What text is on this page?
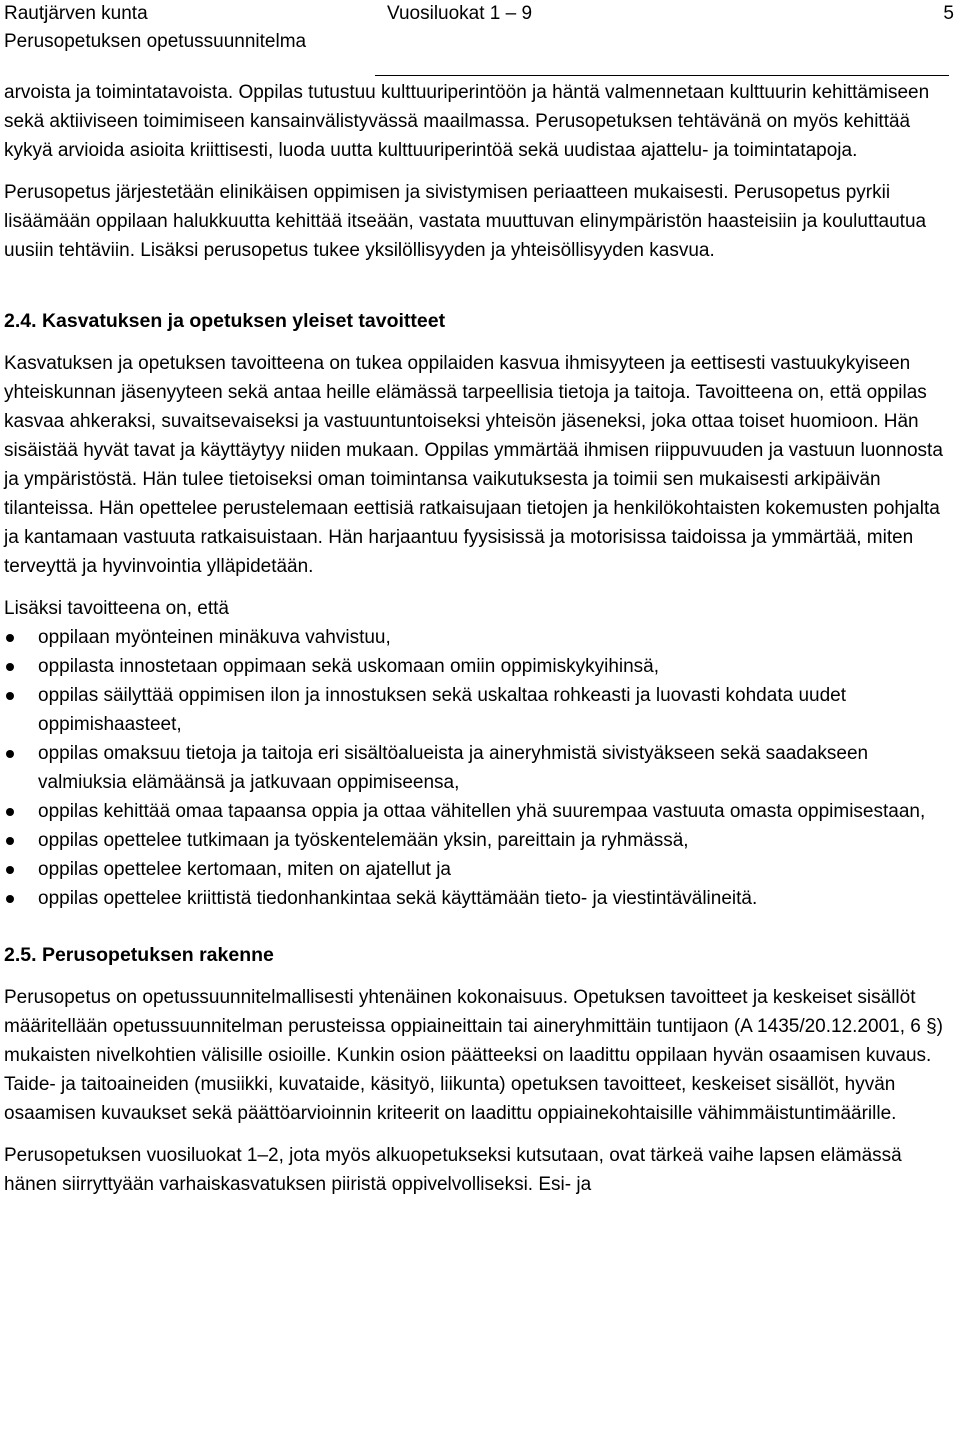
Rautjärven kunta
Perusopetuksen opetussuunnitelma
Vuosiluokat 1 – 9	5

arvoista ja toimintatavoista. Oppilas tutustuu kulttuuriperintöön ja häntä valmennetaan kulttuurin kehittämiseen sekä aktiiviseen toimimiseen kansainvälistyvässä maailmassa. Perusopetuksen tehtävänä on myös kehittää kykyä arvioida asioita kriittisesti, luoda uutta kulttuuriperintöä sekä uudistaa ajattelu- ja toimintatapoja.

Perusopetus järjestetään elinikäisen oppimisen ja sivistymisen periaatteen mukaisesti. Perusopetus pyrkii lisäämään oppilaan halukkuutta kehittää itseään, vastata muuttuvan elinympäristön haasteisiin ja kouluttautua uusiin tehtäviin. Lisäksi perusopetus tukee yksilöllisyyden ja yhteisöllisyyden kasvua.

2.4. Kasvatuksen ja opetuksen yleiset tavoitteet

Kasvatuksen ja opetuksen tavoitteena on tukea oppilaiden kasvua ihmisyyteen ja eettisesti vastuukykyiseen yhteiskunnan jäsenyyteen sekä antaa heille elämässä tarpeellisia tietoja ja taitoja. Tavoitteena on, että oppilas kasvaa ahkeraksi, suvaitsevaiseksi ja vastuuntuntoiseksi yhteisön jäseneksi, joka ottaa toiset huomioon. Hän sisäistää hyvät tavat ja käyttäytyy niiden mukaan. Oppilas ymmärtää ihmisen riippuvuuden ja vastuun luonnosta ja ympäristöstä. Hän tulee tietoiseksi oman toimintansa vaikutuksesta ja toimii sen mukaisesti arkipäivän tilanteissa. Hän opettelee perustelemaan eettisiä ratkaisujaan tietojen ja henkilökohtaisten kokemusten pohjalta ja kantamaan vastuuta ratkaisuistaan. Hän harjaantuu fyysisissä ja motorisissa taidoissa ja ymmärtää, miten terveyttä ja hyvinvointia ylläpidetään.

Lisäksi tavoitteena on, että

oppilaan myönteinen minäkuva vahvistuu,
oppilasta innostetaan oppimaan sekä uskomaan omiin oppimiskykyihinsä,
oppilas säilyttää oppimisen ilon ja innostuksen sekä uskaltaa rohkeasti ja luovasti kohdata uudet oppimishaasteet,
oppilas omaksuu tietoja ja taitoja eri sisältöalueista ja aineryhmistä sivistyäkseen sekä saadakseen valmiuksia elämäänsä ja jatkuvaan oppimiseensa,
oppilas kehittää omaa tapaansa oppia ja ottaa vähitellen yhä suurempaa vastuuta omasta oppimisestaan,
oppilas opettelee tutkimaan ja työskentelemään yksin, pareittain ja ryhmässä,
oppilas opettelee kertomaan, miten on ajatellut ja
oppilas opettelee kriittistä tiedonhankintaa sekä käyttämään tieto- ja viestintävälineitä.
2.5. Perusopetuksen rakenne

Perusopetus on opetussuunnitelmallisesti yhtenäinen kokonaisuus. Opetuksen tavoitteet ja keskeiset sisällöt määritellään opetussuunnitelman perusteissa oppiaineittain tai aineryhmittäin tuntijaon (A 1435/20.12.2001, 6 §) mukaisten nivelkohtien välisille osioille. Kunkin osion päätteeksi on laadittu oppilaan hyvän osaamisen kuvaus. Taide- ja taitoaineiden (musiikki, kuvataide, käsityö, liikunta) opetuksen tavoitteet, keskeiset sisällöt, hyvän osaamisen kuvaukset sekä päättöarvioinnin kriteerit on laadittu oppiainekohtaisille vähimmäistuntimäärille.

Perusopetuksen vuosiluokat 1–2, jota myös alkuopetukseksi kutsutaan, ovat tärkeä vaihe lapsen elämässä hänen siirryttyään varhaiskasvatuksen piiristä oppivelvolliseksi. Esi- ja
